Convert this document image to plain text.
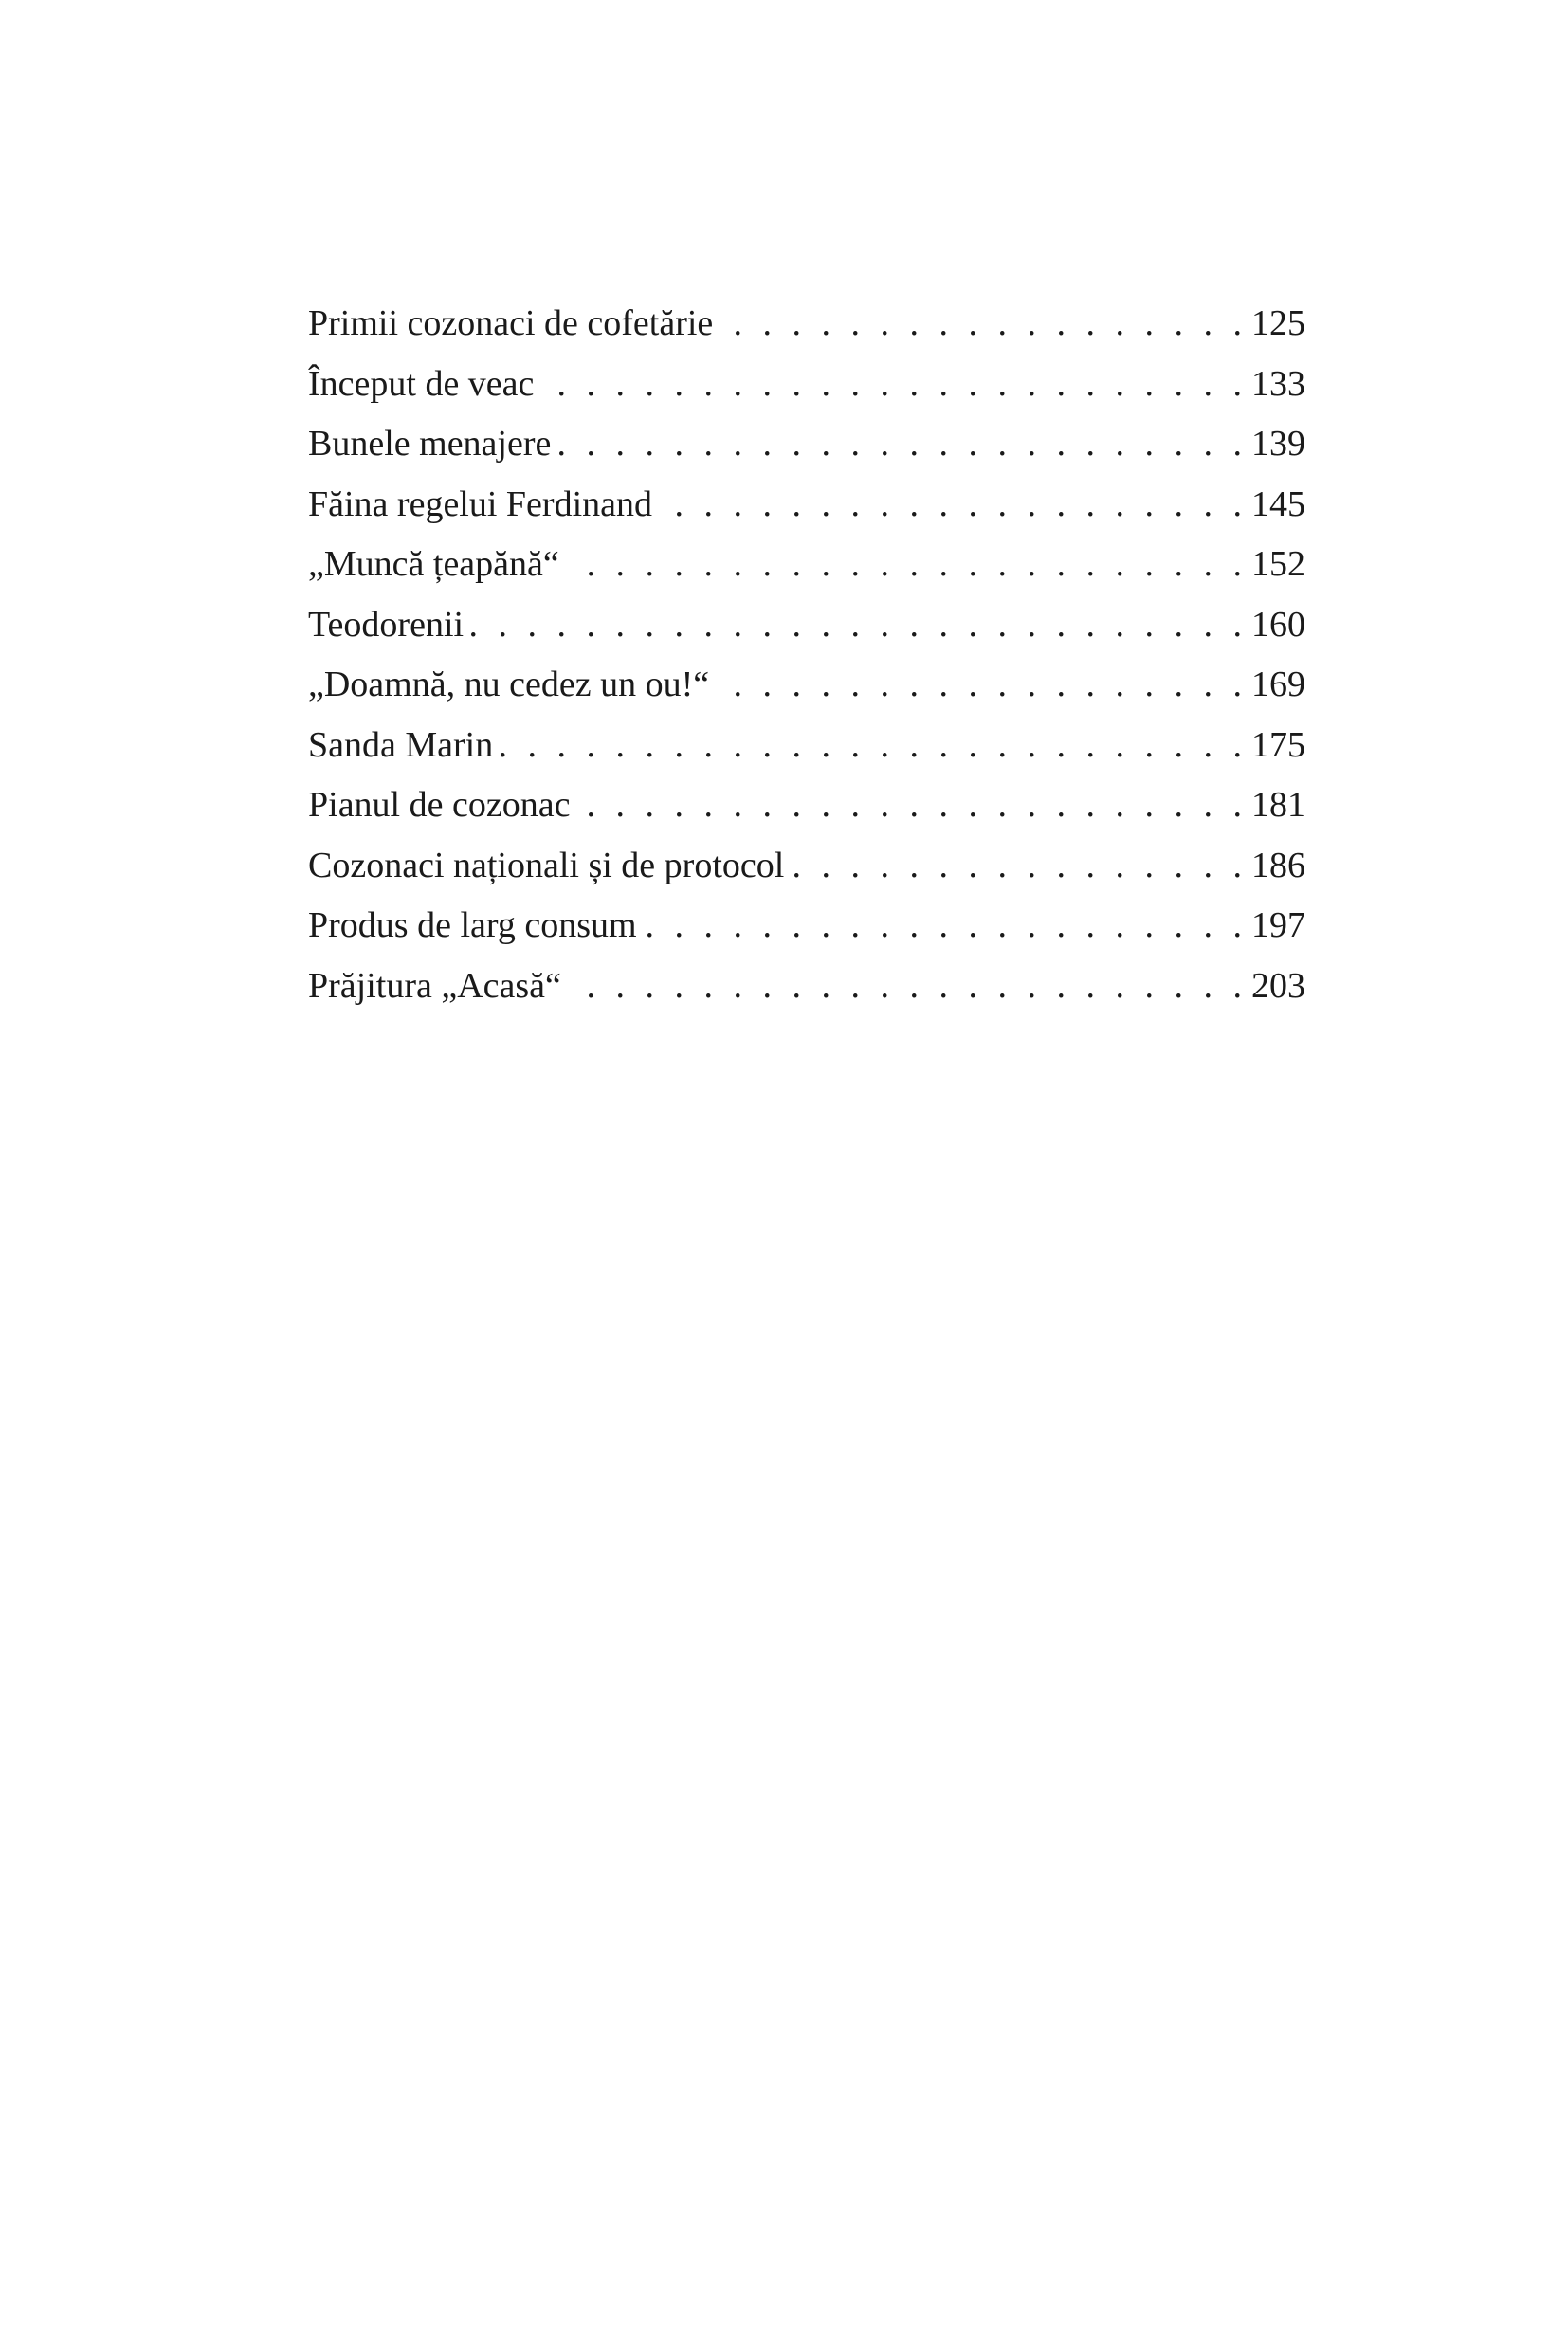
Primii cozonaci de cofetărie . . .	125
Început de veac . . .	133
Bunele menajere . . .	139
Făina regelui Ferdinand . . .	145
„Muncă țeapănă“ . . .	152
Teodorenii . . .	160
„Doamnă, nu cedez un ou!“ . . .	169
Sanda Marin . . .	175
Pianul de cozonac . . .	181
Cozonaci naționali și de protocol . . .	186
Produs de larg consum . . .	197
Prăjitura „Acasă“ . . .	203
